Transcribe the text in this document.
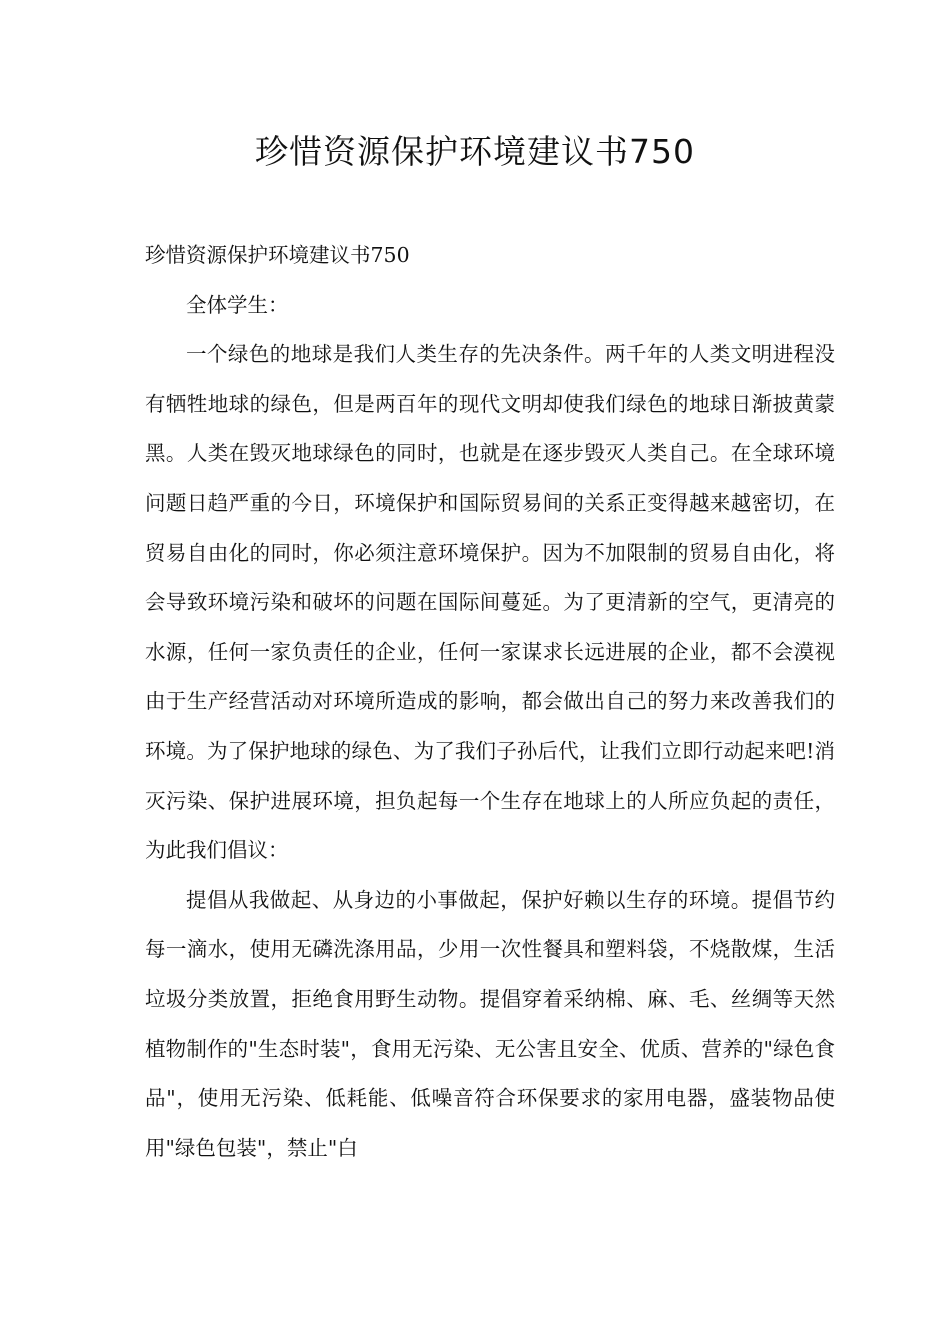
珍惜资源保护环境建议书750

珍惜资源保护环境建议书750

全体学生：

一个绿色的地球是我们人类生存的先决条件。两千年的人类文明进程没有牺牲地球的绿色，但是两百年的现代文明却使我们绿色的地球日渐披黄蒙黑。人类在毁灭地球绿色的同时，也就是在逐步毁灭人类自己。在全球环境问题日趋严重的今日，环境保护和国际贸易间的关系正变得越来越密切，在贸易自由化的同时，你必须注意环境保护。因为不加限制的贸易自由化，将会导致环境污染和破坏的问题在国际间蔓延。为了更清新的空气，更清亮的水源，任何一家负责任的企业，任何一家谋求长远进展的企业，都不会漠视由于生产经营活动对环境所造成的影响，都会做出自己的努力来改善我们的环境。为了保护地球的绿色、为了我们子孙后代，让我们立即行动起来吧!消灭污染、保护进展环境，担负起每一个生存在地球上的人所应负起的责任，为此我们倡议：

提倡从我做起、从身边的小事做起，保护好赖以生存的环境。提倡节约每一滴水，使用无磷洗涤用品，少用一次性餐具和塑料袋，不烧散煤，生活垃圾分类放置，拒绝食用野生动物。提倡穿着采纳棉、麻、毛、丝绸等天然植物制作的"生态时装"，食用无污染、无公害且安全、优质、营养的"绿色食品"，使用无污染、低耗能、低噪音符合环保要求的家用电器，盛装物品使用"绿色包装"，禁止"白
